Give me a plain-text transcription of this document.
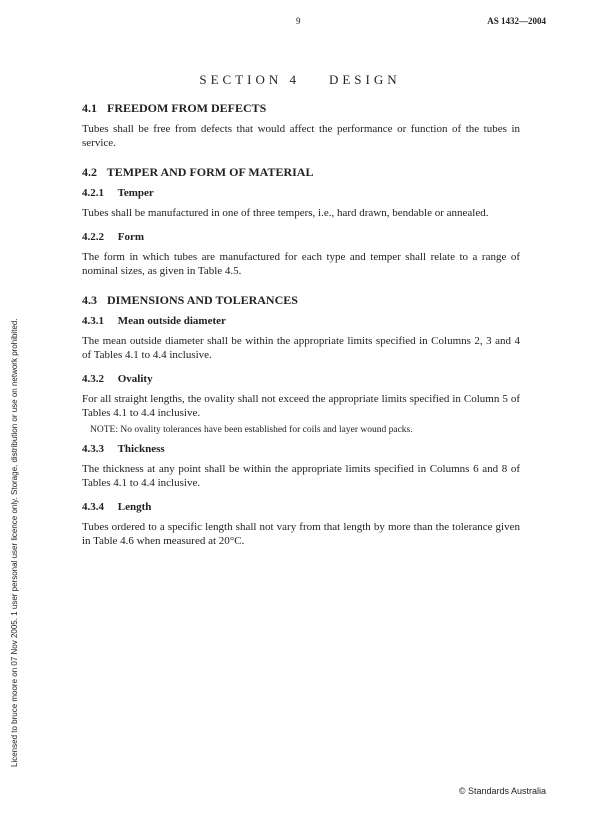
9	AS 1432—2004
SECTION 4    DESIGN
4.1 FREEDOM FROM DEFECTS

Tubes shall be free from defects that would affect the performance or function of the tubes in service.

4.2 TEMPER AND FORM OF MATERIAL
4.2.1 Temper

Tubes shall be manufactured in one of three tempers, i.e., hard drawn, bendable or annealed.

4.2.2 Form

The form in which tubes are manufactured for each type and temper shall relate to a range of nominal sizes, as given in Table 4.5.

4.3 DIMENSIONS AND TOLERANCES
4.3.1 Mean outside diameter

The mean outside diameter shall be within the appropriate limits specified in Columns 2, 3 and 4 of Tables 4.1 to 4.4 inclusive.

4.3.2 Ovality

For all straight lengths, the ovality shall not exceed the appropriate limits specified in Column 5 of Tables 4.1 to 4.4 inclusive.

NOTE: No ovality tolerances have been established for coils and layer wound packs.

4.3.3 Thickness

The thickness at any point shall be within the appropriate limits specified in Columns 6 and 8 of Tables 4.1 to 4.4 inclusive.

4.3.4 Length

Tubes ordered to a specific length shall not vary from that length by more than the tolerance given in Table 4.6 when measured at 20°C.

Licensed to bruce moore on 07 Nov 2005. 1 user personal user licence only. Storage, distribution or use on network prohibited.
© Standards Australia
